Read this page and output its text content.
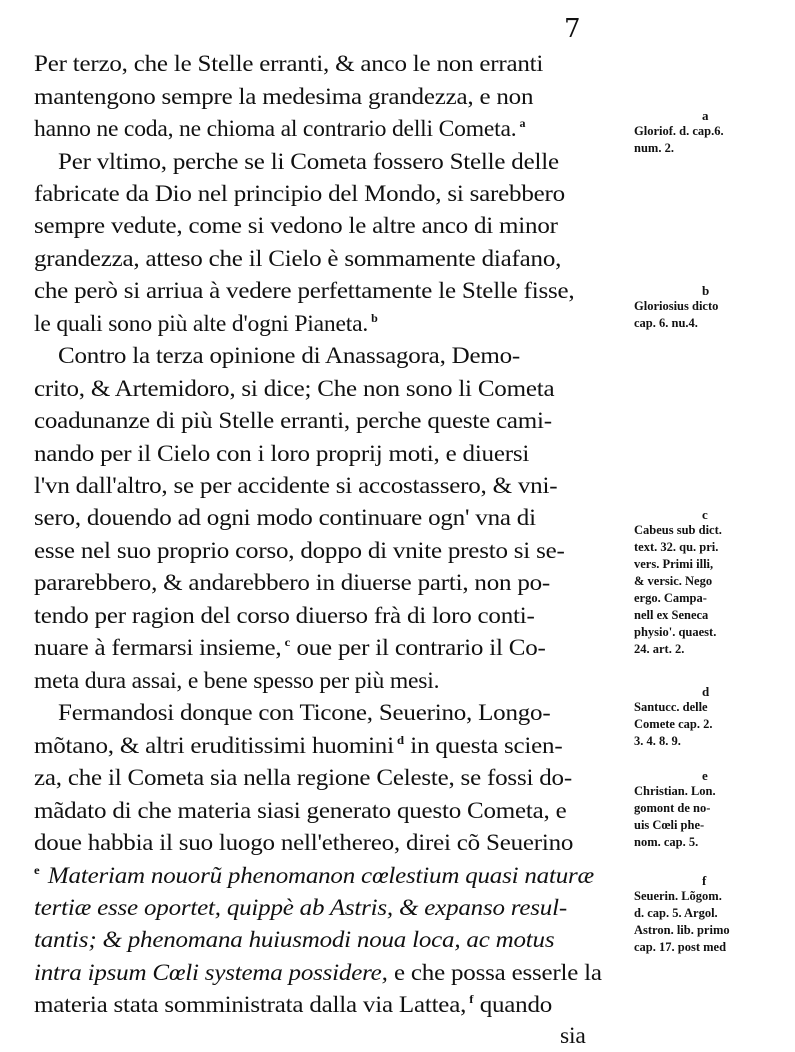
7
Per terzo, che le Stelle erranti, & anco le non erranti
mantengono sempre la medesima grandezza, e non
hanno ne coda, ne chioma al contrario delli Cometa. $^a$
Per vltimo, perche se li Cometa fossero Stelle delle
fabricate da Dio nel principio del Mondo, si sarebbero
sempre vedute, come si vedono le altre anco di minor
grandezza, atteso che il Cielo è sommamente diafano,
che però si arriua à vedere perfettamente le Stelle fisse,
le quali sono più alte d'ogni Pianeta. $^b$
Contro la terza opinione di Anassagora, Demo-
crito, & Artemidoro, si dice; Che non sono li Cometa
coadunanze di più Stelle erranti, perche queste cami-
nando per il Cielo con i loro proprij moti, e diuersi
l'vn dall'altro, se per accidente si accostassero, & vni-
sero, douendo ad ogni modo continuare ogn' vna di
esse nel suo proprio corso, doppo di vnite presto si se-
pararebbero, & andarebbero in diuerse parti, non po-
tendo per ragion del corso diuerso frà di loro conti-
nuare à fermarsi insieme, $^c$ oue per il contrario il Co-
meta dura assai, e bene spesso per più mesi.
Fermandosi donque con Ticone, Seuerino, Longo-
mõtano, & altri eruditissimi huomini $^d$ in questa scien-
za, che il Cometa sia nella regione Celeste, se fossi do-
mãdato di che materia siasi generato questo Cometa, e
doue habbia il suo luogo nell'ethereo, direi cõ Seuerino
$^e$ Materiam nouorũ phenomanon cœlestium quasi naturæ
tertiæ esse oportet, quippè ab Astris, & expanso resul-
tantis; & phenomana huiusmodi noua loca, ac motus
intra ipsum Cœli systema possidere, e che possa esserle la
materia stata somministrata dalla via Lattea, $^f$ quando
sia
a
Gloriof. d. cap.6.
num. 2.
b
Gloriosius dicto
cap. 6. nu.4.
c
Cabeus sub dict.
text. 32. qu. pri.
vers. Primi illi,
& versic. Nego
ergo. Campa-
nell ex Seneca
physio'. quaest.
24. art. 2.
d
Santucc. delle
Comete cap. 2.
3. 4. 8. 9.
e
Christian. Lon.
gomont de no-
uis Cœli phe-
nom. cap. 5.
f
Seuerin. Lõgom.
d. cap. 5. Argol.
Astron. lib. primo
cap. 17. post med
